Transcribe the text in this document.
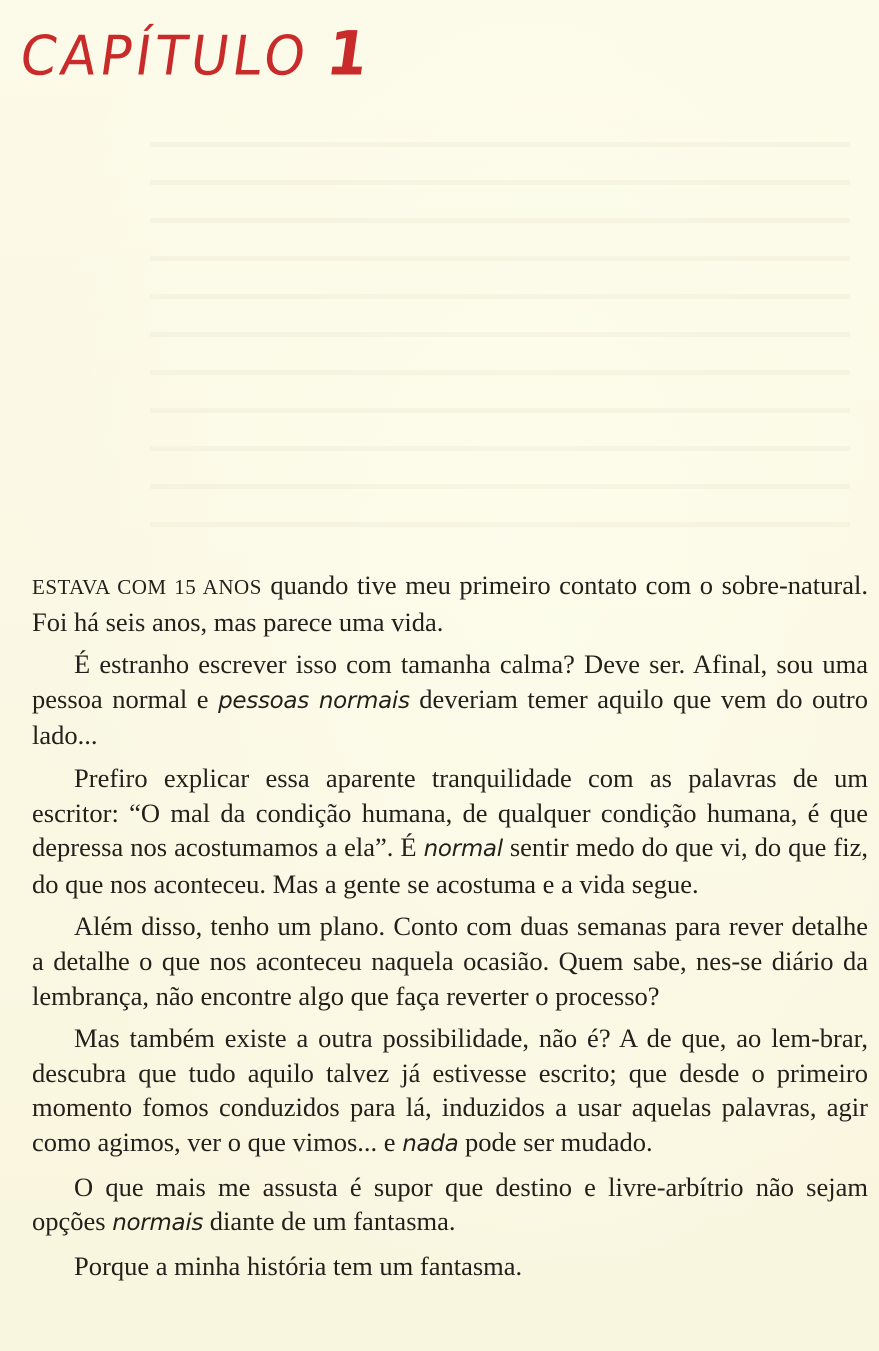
CAPÍTULO 1

ESTAVA COM 15 ANOS quando tive meu primeiro contato com o sobre-natural. Foi há seis anos, mas parece uma vida.

É estranho escrever isso com tamanha calma? Deve ser. Afinal, sou uma pessoa normal e pessoas normais deveriam temer aquilo que vem do outro lado...

Prefiro explicar essa aparente tranquilidade com as palavras de um escritor: “O mal da condição humana, de qualquer condição humana, é que depressa nos acostumamos a ela”. É normal sentir medo do que vi, do que fiz, do que nos aconteceu. Mas a gente se acostuma e a vida segue.

Além disso, tenho um plano. Conto com duas semanas para rever detalhe a detalhe o que nos aconteceu naquela ocasião. Quem sabe, nes-se diário da lembrança, não encontre algo que faça reverter o processo?

Mas também existe a outra possibilidade, não é? A de que, ao lem-brar, descubra que tudo aquilo talvez já estivesse escrito; que desde o primeiro momento fomos conduzidos para lá, induzidos a usar aquelas palavras, agir como agimos, ver o que vimos... e nada pode ser mudado.

O que mais me assusta é supor que destino e livre-arbítrio não sejam opções normais diante de um fantasma.

Porque a minha história tem um fantasma.
